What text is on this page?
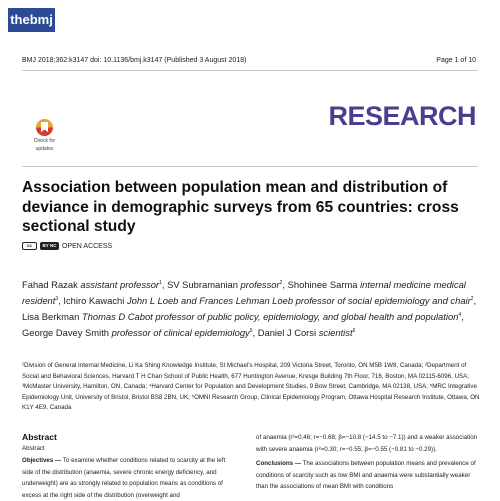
thebmj
BMJ 2018;362:k3147 doi: 10.1136/bmj.k3147 (Published 3 August 2018)	Page 1 of 10
Check for
updates
RESEARCH
Association between population mean and distribution of deviance in demographic surveys from 65 countries: cross sectional study
cc	BY NC OPEN ACCESS

Fahad Razak assistant professor$^1$, SV Subramanian professor$^2$, Shohinee Sarma internal medicine medical resident$^3$, Ichiro Kawachi John L Loeb and Frances Lehman Loeb professor of social epidemiology and chair$^2$, Lisa Berkman Thomas D Cabot professor of public policy, epidemiology, and global health and population$^4$, George Davey Smith professor of clinical epidemiology$^5$, Daniel J Corsi scientist$^6$

¹Division of General Internal Medicine, Li Ka Shing Knowledge Institute, St Michael's Hospital, 209 Victoria Street, Toronto, ON M5B 1W8, Canada; ²Department of Social and Behavioral Sciences, Harvard T H Chan School of Public Health, 677 Huntington Avenue, Kresge Building 7th Floor, 716, Boston, MA 02115-6096, USA; ³McMaster University, Hamilton, ON, Canada; ⁴Harvard Center for Population and Development Studies, 9 Bow Street, Cambridge, MA 02138, USA; ⁵MRC Integrative Epidemiology Unit, University of Bristol, Bristol BS8 2BN, UK; ⁶OMNI Research Group, Clinical Epidemiology Program, Ottawa Hospital Research Institute, Ottawa, ON K1Y 4E9, Canada

Abstract
Abstract

Objectives — To examine whether conditions related to scarcity at the left side of the distribution (anaemia, severe chronic energy deficiency, and underweight) are as strongly related to population means as conditions of excess at the right side of the distribution (overweight and

of anaemia (r²=0.46; r=−0.68; β=−10.8 (−14.5 to −7.1)) and a weaker association with severe anaemia (r²=0.30; r=−0.55; β=−0.55 (−0.81 to −0.29)).

Conclusions — The associations between population means and prevalence of conditions of scarcity such as low BMI and anaemia were substantially weaker than the associations of mean BMI with conditions
